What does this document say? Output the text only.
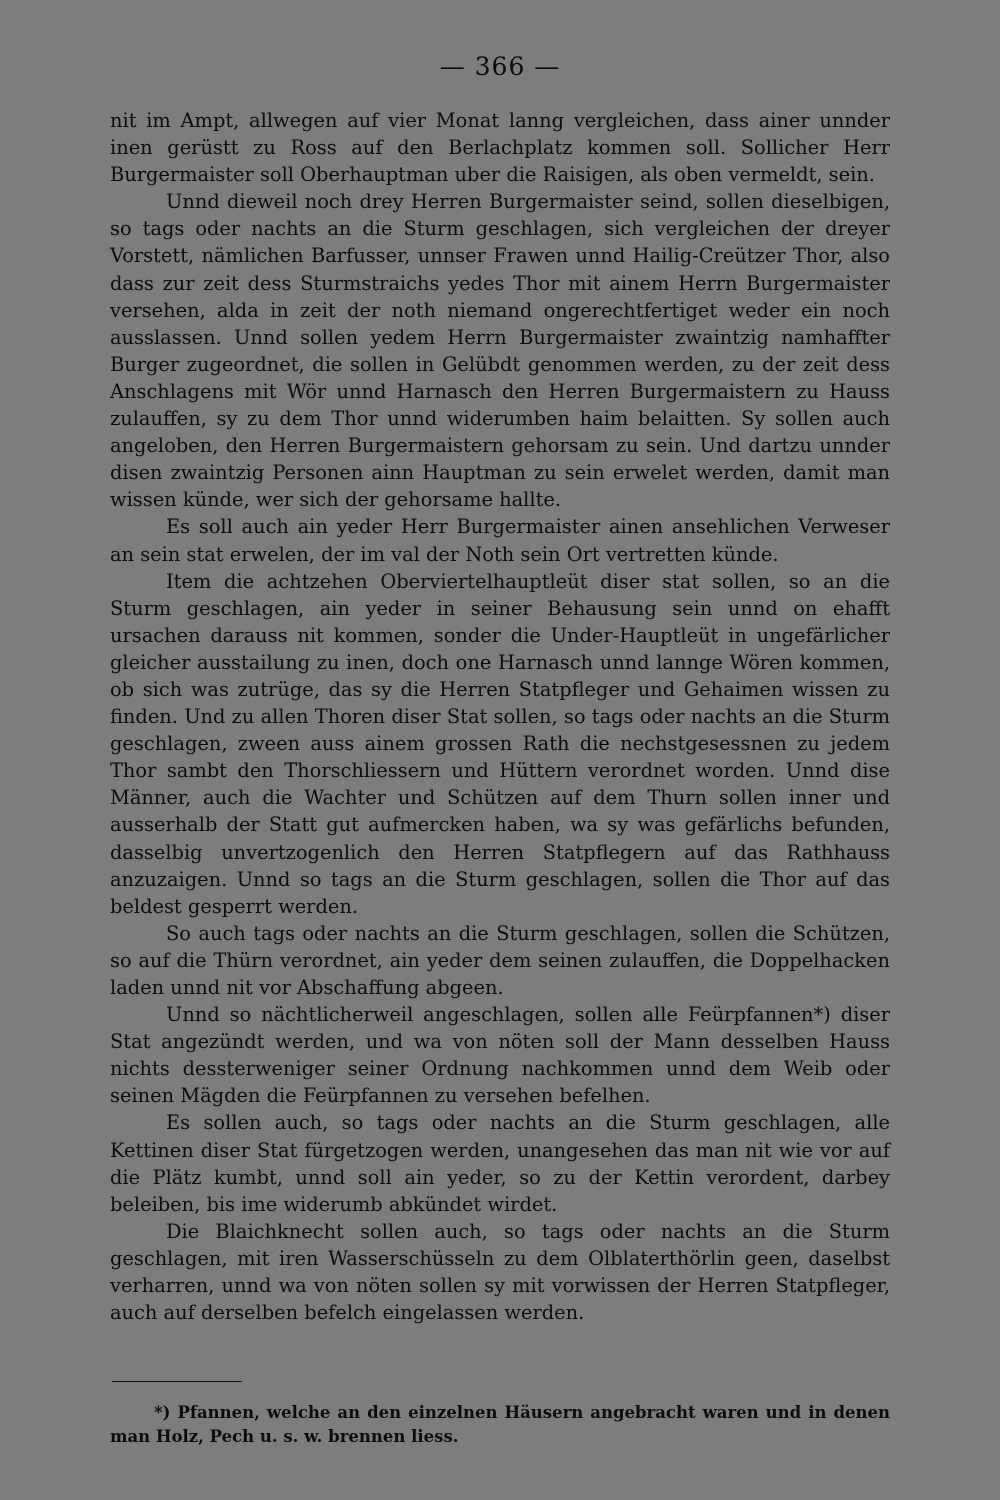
— 366 —

nit im Ampt, allwegen auf vier Monat lanng vergleichen, dass ainer unnder inen gerüstt zu Ross auf den Berlachplatz kommen soll. Sollicher Herr Burgermaister soll Oberhauptman uber die Raisigen, als oben vermeldt, sein.

Unnd dieweil noch drey Herren Burgermaister seind, sollen dieselbigen, so tags oder nachts an die Sturm geschlagen, sich vergleichen der dreyer Vorstett, nämlichen Barfusser, unnser Frawen unnd Hailig-Creützer Thor, also dass zur zeit dess Sturmstraichs yedes Thor mit ainem Herrn Burgermaister versehen, alda in zeit der noth niemand ongerechtfertiget weder ein noch ausslassen. Unnd sollen yedem Herrn Burgermaister zwaintzig namhaffter Burger zugeordnet, die sollen in Gelübdt genommen werden, zu der zeit dess Anschlagens mit Wör unnd Harnasch den Herren Burgermaistern zu Hauss zulauffen, sy zu dem Thor unnd widerumben haim belaitten. Sy sollen auch angeloben, den Herren Burgermaistern gehorsam zu sein. Und dartzu unnder disen zwaintzig Personen ainn Hauptman zu sein erwelet werden, damit man wissen künde, wer sich der gehorsame hallte.

Es soll auch ain yeder Herr Burgermaister ainen ansehlichen Verweser an sein stat erwelen, der im val der Noth sein Ort vertretten künde.

Item die achtzehen Oberviertelhauptleüt diser stat sollen, so an die Sturm geschlagen, ain yeder in seiner Behausung sein unnd on ehafft ursachen darauss nit kommen, sonder die Under-Hauptleüt in ungefärlicher gleicher ausstailung zu inen, doch one Harnasch unnd lannge Wören kommen, ob sich was zutrüge, das sy die Herren Statpfleger und Gehaimen wissen zu finden. Und zu allen Thoren diser Stat sollen, so tags oder nachts an die Sturm geschlagen, zween auss ainem grossen Rath die nechstgesessnen zu jedem Thor sambt den Thorschliessern und Hüttern verordnet worden. Unnd dise Männer, auch die Wachter und Schützen auf dem Thurn sollen inner und ausserhalb der Statt gut aufmercken haben, wa sy was gefärlichs befunden, dasselbig unvertzogenlich den Herren Statpflegern auf das Rathhauss anzuzaigen. Unnd so tags an die Sturm geschlagen, sollen die Thor auf das beldest gesperrt werden.

So auch tags oder nachts an die Sturm geschlagen, sollen die Schützen, so auf die Thürn verordnet, ain yeder dem seinen zulauffen, die Doppelhacken laden unnd nit vor Abschaffung abgeen.

Unnd so nächtlicherweil angeschlagen, sollen alle Feürpfannen*) diser Stat angezündt werden, und wa von nöten soll der Mann desselben Hauss nichts dessterweniger seiner Ordnung nachkommen unnd dem Weib oder seinen Mägden die Feürpfannen zu versehen befelhen.

Es sollen auch, so tags oder nachts an die Sturm geschlagen, alle Kettinen diser Stat fürgetzogen werden, unangesehen das man nit wie vor auf die Plätz kumbt, unnd soll ain yeder, so zu der Kettin verordent, darbey beleiben, bis ime widerumb abkündet wirdet.

Die Blaichknecht sollen auch, so tags oder nachts an die Sturm geschlagen, mit iren Wasserschüsseln zu dem Olblaterthörlin geen, daselbst verharren, unnd wa von nöten sollen sy mit vorwissen der Herren Statpfleger, auch auf derselben befelch eingelassen werden.

*) Pfannen, welche an den einzelnen Häusern angebracht waren und in denen man Holz, Pech u. s. w. brennen liess.
